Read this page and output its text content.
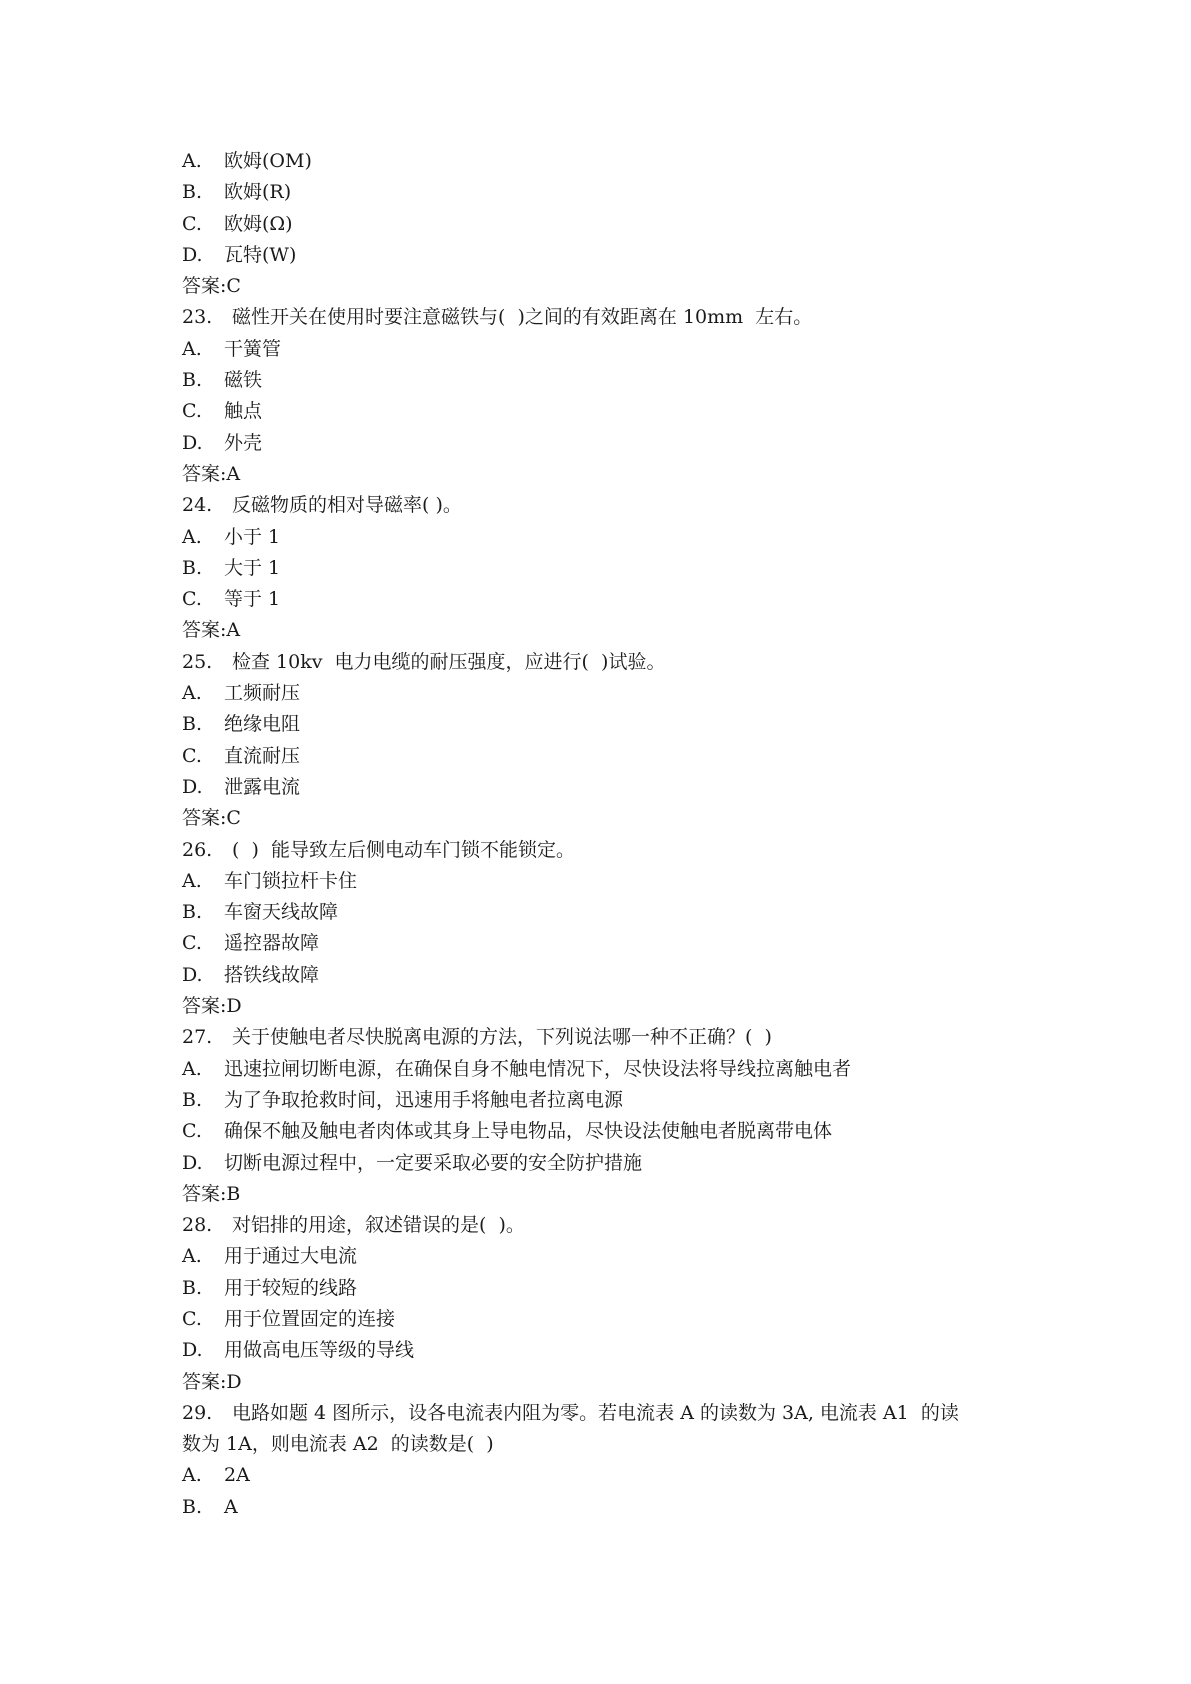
A. 欧姆(OM)
B. 欧姆(R)
C. 欧姆(Ω)
D. 瓦特(W)
答案:C
23. 磁性开关在使用时要注意磁铁与(  )之间的有效距离在 10mm  左右。
A. 干簧管
B. 磁铁
C. 触点
D. 外壳
答案:A
24. 反磁物质的相对导磁率( )。
A. 小于 1
B. 大于 1
C. 等于 1
答案:A
25. 检查 10kv  电力电缆的耐压强度，应进行(  )试验。
A. 工频耐压
B. 绝缘电阻
C. 直流耐压
D. 泄露电流
答案:C
26. (  )  能导致左后侧电动车门锁不能锁定。
A. 车门锁拉杆卡住
B. 车窗天线故障
C. 遥控器故障
D. 搭铁线故障
答案:D
27. 关于使触电者尽快脱离电源的方法，下列说法哪一种不正确？(  )
A. 迅速拉闸切断电源，在确保自身不触电情况下，尽快设法将导线拉离触电者
B. 为了争取抢救时间，迅速用手将触电者拉离电源
C. 确保不触及触电者肉体或其身上导电物品，尽快设法使触电者脱离带电体
D. 切断电源过程中，一定要采取必要的安全防护措施
答案:B
28. 对铝排的用途，叙述错误的是(  )。
A. 用于通过大电流
B. 用于较短的线路
C. 用于位置固定的连接
D. 用做高电压等级的导线
答案:D
29. 电路如题 4 图所示，设各电流表内阻为零。若电流表 A 的读数为 3A, 电流表 A1  的读
数为 1A，则电流表 A2  的读数是(  )
A. 2A
B. A
